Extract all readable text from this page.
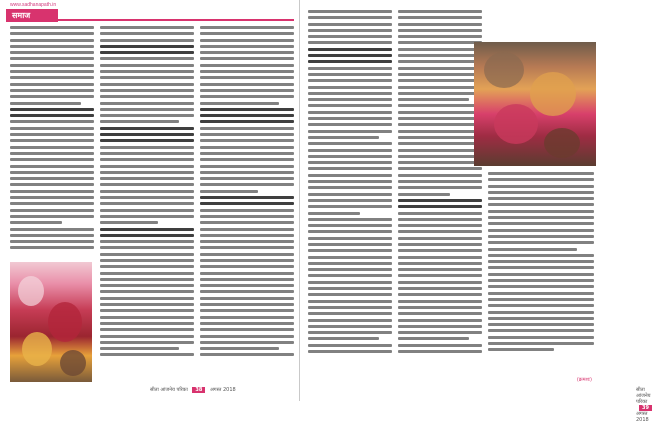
www.sadhanapath.in
समाज
सीता आंजनेय परिका 38 अगस्त 2018
(क्रमशः)
सीता आंजनेय परिका 39 अगस्त 2018
